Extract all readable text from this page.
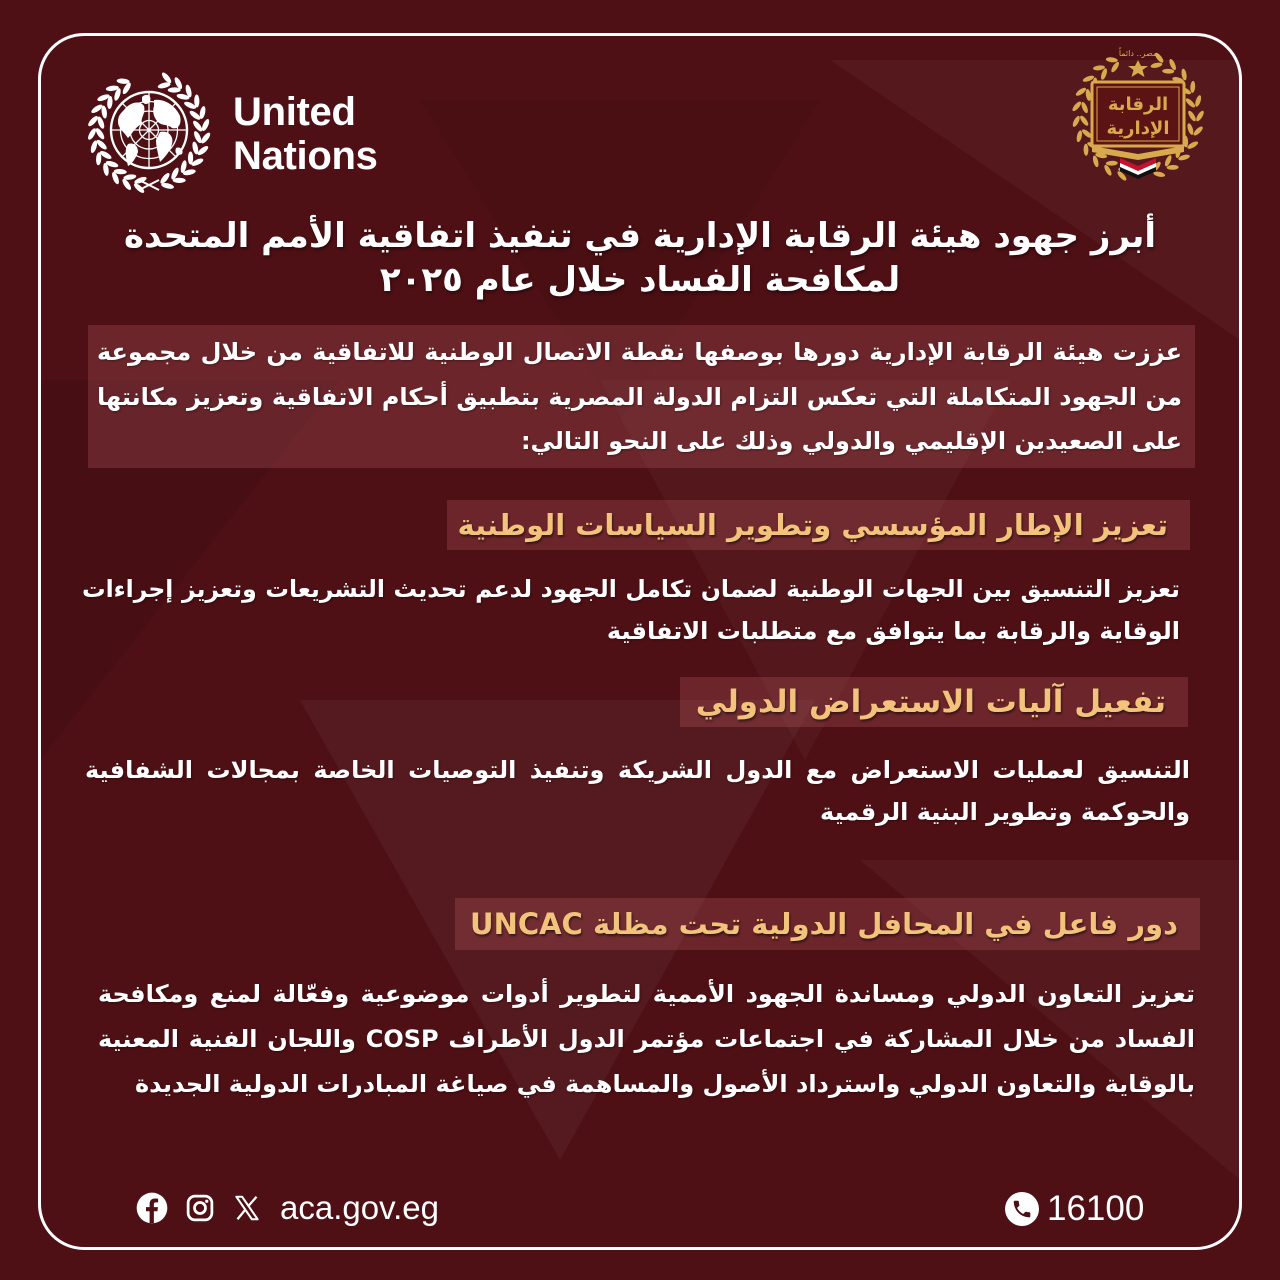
United
Nations
مصر.. دائماً
الرقابة
الإدارية
أبرز جهود هيئة الرقابة الإدارية في تنفيذ اتفاقية الأمم المتحدة
لمكافحة الفساد خلال عام ٢٠٢٥
عززت هيئة الرقابة الإدارية دورها بوصفها نقطة الاتصال الوطنية للاتفاقية من خلال مجموعة
من الجهود المتكاملة التي تعكس التزام الدولة المصرية بتطبيق أحكام الاتفاقية وتعزيز مكانتها
على الصعيدين الإقليمي والدولي وذلك على النحو التالي:
تعزيز الإطار المؤسسي وتطوير السياسات الوطنية
تعزيز التنسيق بين الجهات الوطنية لضمان تكامل الجهود لدعم تحديث التشريعات وتعزيز إجراءات
الوقاية والرقابة بما يتوافق مع متطلبات الاتفاقية
تفعيل آليات الاستعراض الدولي
التنسيق لعمليات الاستعراض مع الدول الشريكة وتنفيذ التوصيات الخاصة بمجالات الشفافية
والحوكمة وتطوير البنية الرقمية
دور فاعل في المحافل الدولية تحت مظلة UNCAC
تعزيز التعاون الدولي ومساندة الجهود الأممية لتطوير أدوات موضوعية وفعّالة لمنع ومكافحة
الفساد من خلال المشاركة في اجتماعات مؤتمر الدول الأطراف COSP واللجان الفنية المعنية
بالوقاية والتعاون الدولي واسترداد الأصول والمساهمة في صياغة المبادرات الدولية الجديدة
aca.gov.eg	16100
